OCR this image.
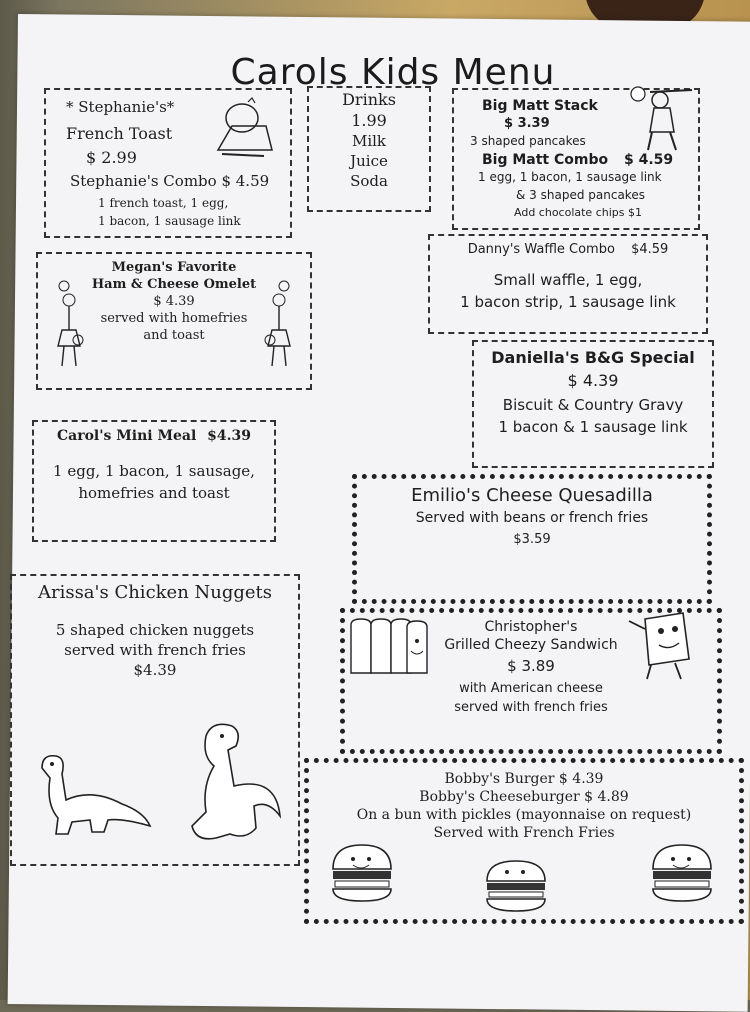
Carols Kids Menu
* Stephanie's*
French Toast
$ 2.99
Stephanie's Combo $ 4.59
1 french toast, 1 egg,
1 bacon, 1 sausage link
Drinks
1.99
Milk
Juice
Soda
Big Matt Stack
$ 3.39
3 shaped pancakes
Big Matt Combo $ 4.59
1 egg, 1 bacon, 1 sausage link
& 3 shaped pancakes
Add chocolate chips $1
Megan's Favorite
Ham & Cheese Omelet
$ 4.39
served with homefries
and toast
Danny's Waffle Combo $4.59
Small waffle, 1 egg,
1 bacon strip, 1 sausage link
Daniella's B&G Special
$ 4.39
Biscuit & Country Gravy
1 bacon & 1 sausage link
Carol's Mini Meal $4.39
1 egg, 1 bacon, 1 sausage,
homefries and toast	Emilio's Cheese Quesadilla
Served with beans or french fries
$3.59
Arissa's Chicken Nuggets
5 shaped chicken nuggets
served with french fries
$4.39
Christopher's
Grilled Cheezy Sandwich
$ 3.89
with American cheese
served with french fries
Bobby's Burger $ 4.39
Bobby's Cheeseburger $ 4.89
On a bun with pickles (mayonnaise on request)
Served with French Fries
